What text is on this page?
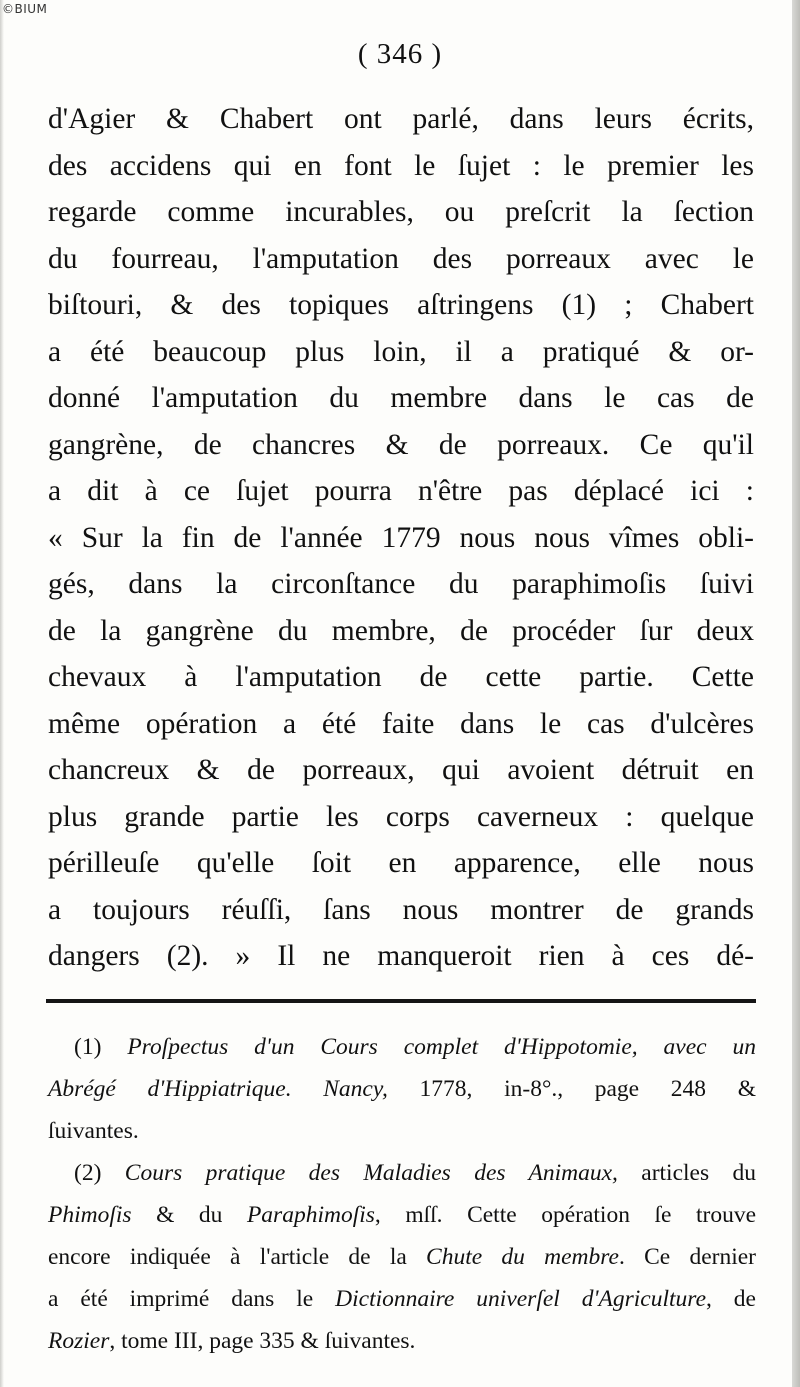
©BIUM
( 346 )
d'Agier & Chabert ont parlé, dans leurs écrits,
des accidens qui en font le ſujet : le premier les
regarde comme incurables, ou preſcrit la ſection
du fourreau, l'amputation des porreaux avec le
biſtouri, & des topiques aſtringens (1) ; Chabert
a été beaucoup plus loin, il a pratiqué & or-
donné l'amputation du membre dans le cas de
gangrène, de chancres & de porreaux. Ce qu'il
a dit à ce ſujet pourra n'être pas déplacé ici :
« Sur la fin de l'année 1779 nous nous vîmes obli-
gés, dans la circonſtance du paraphimoſis ſuivi
de la gangrène du membre, de procéder ſur deux
chevaux à l'amputation de cette partie. Cette
même opération a été faite dans le cas d'ulcères
chancreux & de porreaux, qui avoient détruit en
plus grande partie les corps caverneux : quelque
périlleuſe qu'elle ſoit en apparence, elle nous
a toujours réuſſi, ſans nous montrer de grands
dangers (2). » Il ne manqueroit rien à ces dé-
(1) Proſpectus d'un Cours complet d'Hippotomie, avec un
Abrégé d'Hippiatrique. Nancy, 1778, in-8°., page 248 &
ſuivantes.
(2) Cours pratique des Maladies des Animaux, articles du
Phimoſis & du Paraphimoſis, mſſ. Cette opération ſe trouve
encore indiquée à l'article de la Chute du membre. Ce dernier
a été imprimé dans le Dictionnaire univerſel d'Agriculture, de
Rozier, tome III, page 335 & ſuivantes.
